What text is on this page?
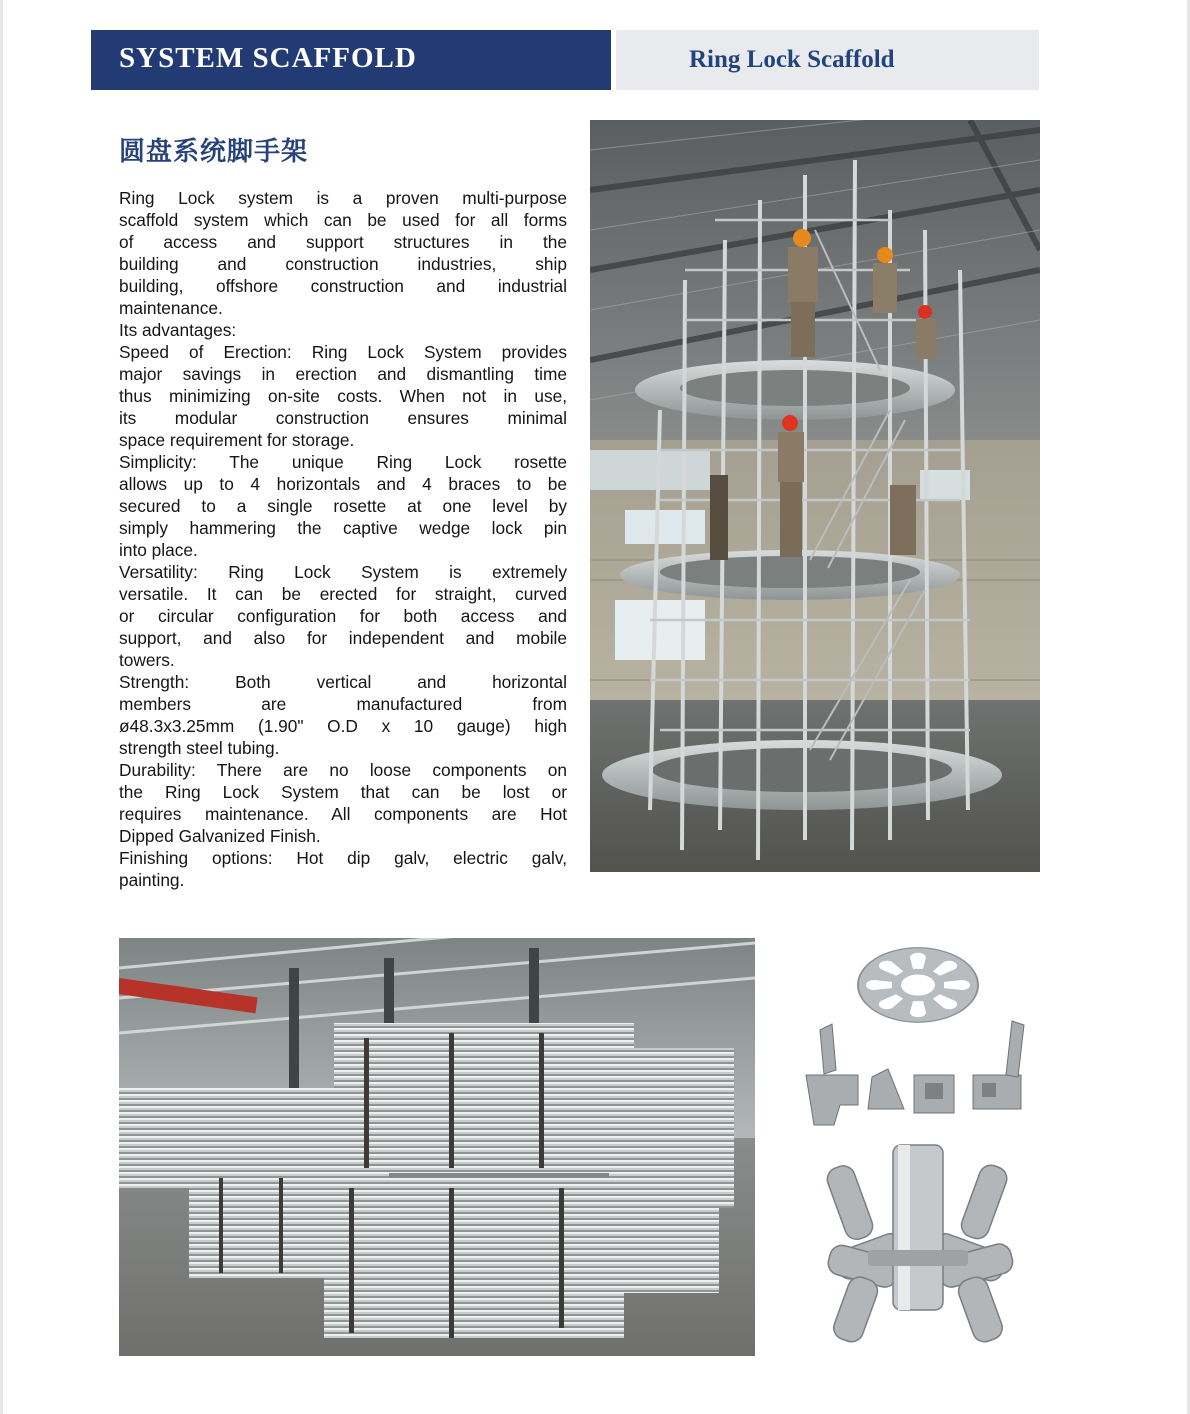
SYSTEM SCAFFOLD	Ring Lock Scaffold
圆盘系统脚手架
Ring Lock system is a proven multi-purpose
scaffold system which can be used for all forms
of access and support structures in the
building and construction industries, ship
building, offshore construction and industrial
maintenance.
Its advantages:
Speed of Erection: Ring Lock System provides
major savings in erection and dismantling time
thus minimizing on-site costs. When not in use,
its modular construction ensures minimal
space requirement for storage.
Simplicity: The unique Ring Lock rosette
allows up to 4 horizontals and 4 braces to be
secured to a single rosette at one level by
simply hammering the captive wedge lock pin
into place.
Versatility: Ring Lock System is extremely
versatile. It can be erected for straight, curved
or circular configuration for both access and
support, and also for independent and mobile
towers.
Strength: Both vertical and horizontal
members are manufactured from
ø48.3x3.25mm (1.90" O.D x 10 gauge) high
strength steel tubing.
Durability: There are no loose components on
the Ring Lock System that can be lost or
requires maintenance. All components are Hot
Dipped Galvanized Finish.
Finishing options: Hot dip galv, electric galv,
painting.
